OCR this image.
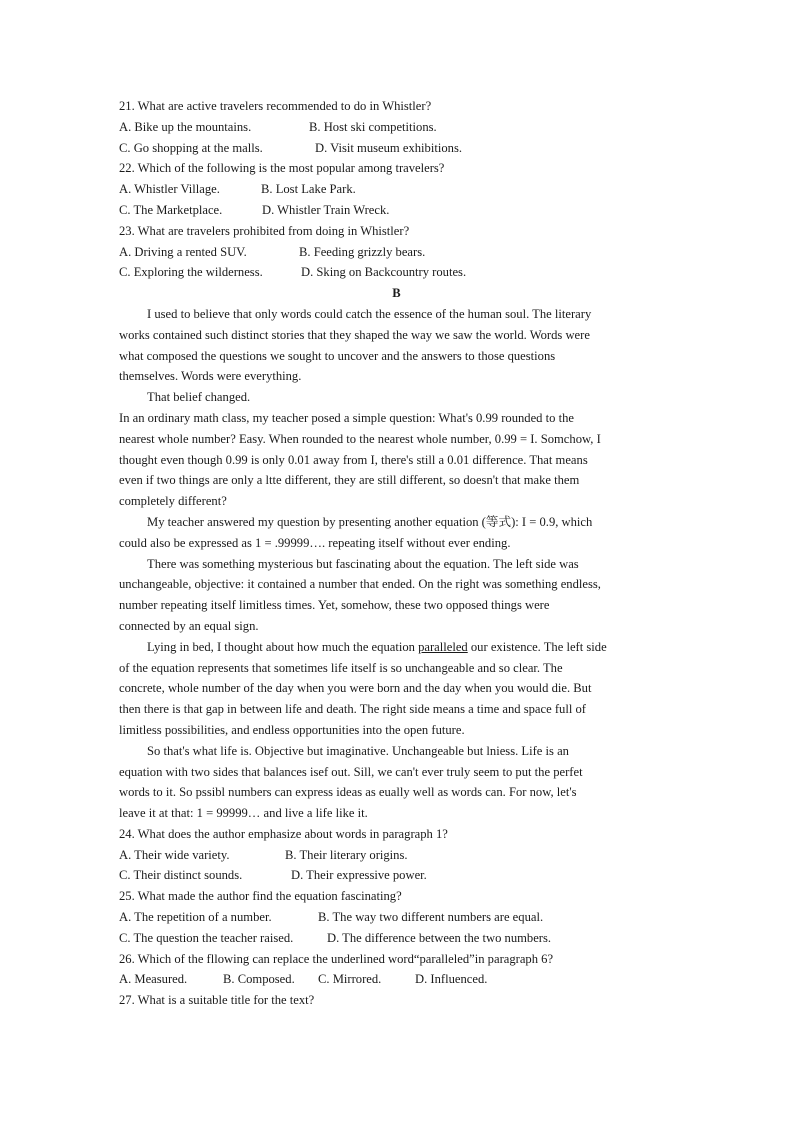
21. What are active travelers recommended to do in Whistler?
A. Bike up the mountains.	B. Host ski competitions.
C. Go shopping at the malls.	D. Visit museum exhibitions.
22. Which of the following is the most popular among travelers?
A. Whistler Village.	B. Lost Lake Park.
C. The Marketplace.	D. Whistler Train Wreck.
23. What are travelers prohibited from doing in Whistler?
A. Driving a rented SUV.	B. Feeding grizzly bears.
C. Exploring the wilderness.	D. Sking on Backcountry routes.
B
I used to believe that only words could catch the essence of the human soul. The literary
works contained such distinct stories that they shaped the way we saw the world. Words were
what composed the questions we sought to uncover and the answers to those questions
themselves. Words were everything.
That belief changed.
In an ordinary math class, my teacher posed a simple question: What's 0.99 rounded to the
nearest whole number? Easy. When rounded to the nearest whole number, 0.99 = I. Somchow, I
thought even though 0.99 is only 0.01 away from I, there's still a 0.01 difference. That means
even if two things are only a ltte different, they are still different, so doesn't that make them
completely different?
My teacher answered my question by presenting another equation (等式): I = 0.9, which
could also be expressed as 1 = .99999…. repeating itself without ever ending.
There was something mysterious but fascinating about the equation. The left side was
unchangeable, objective: it contained a number that ended. On the right was something endless,
number repeating itself limitless times. Yet, somehow, these two opposed things were
connected by an equal sign.
Lying in bed, I thought about how much the equation paralleled our existence. The left side
of the equation represents that sometimes life itself is so unchangeable and so clear. The
concrete, whole number of the day when you were born and the day when you would die. But
then there is that gap in between life and death. The right side means a time and space full of
limitless possibilities, and endless opportunities into the open future.
So that's what life is. Objective but imaginative. Unchangeable but lniess. Life is an
equation with two sides that balances isef out. Sill, we can't ever truly seem to put the perfet
words to it. So pssibl numbers can express ideas as eually well as words can. For now, let's
leave it at that: 1 = 99999… and live a life like it.
24. What does the author emphasize about words in paragraph 1?
A. Their wide variety.	B. Their literary origins.
C. Their distinct sounds.	D. Their expressive power.
25. What made the author find the equation fascinating?
A. The repetition of a number.	B. The way two different numbers are equal.
C. The question the teacher raised.	D. The difference between the two numbers.
26. Which of the fllowing can replace the underlined word“paralleled”in paragraph 6?
A. Measured.	B. Composed. C. Mirrored.	D. Influenced.
27. What is a suitable title for the text?
